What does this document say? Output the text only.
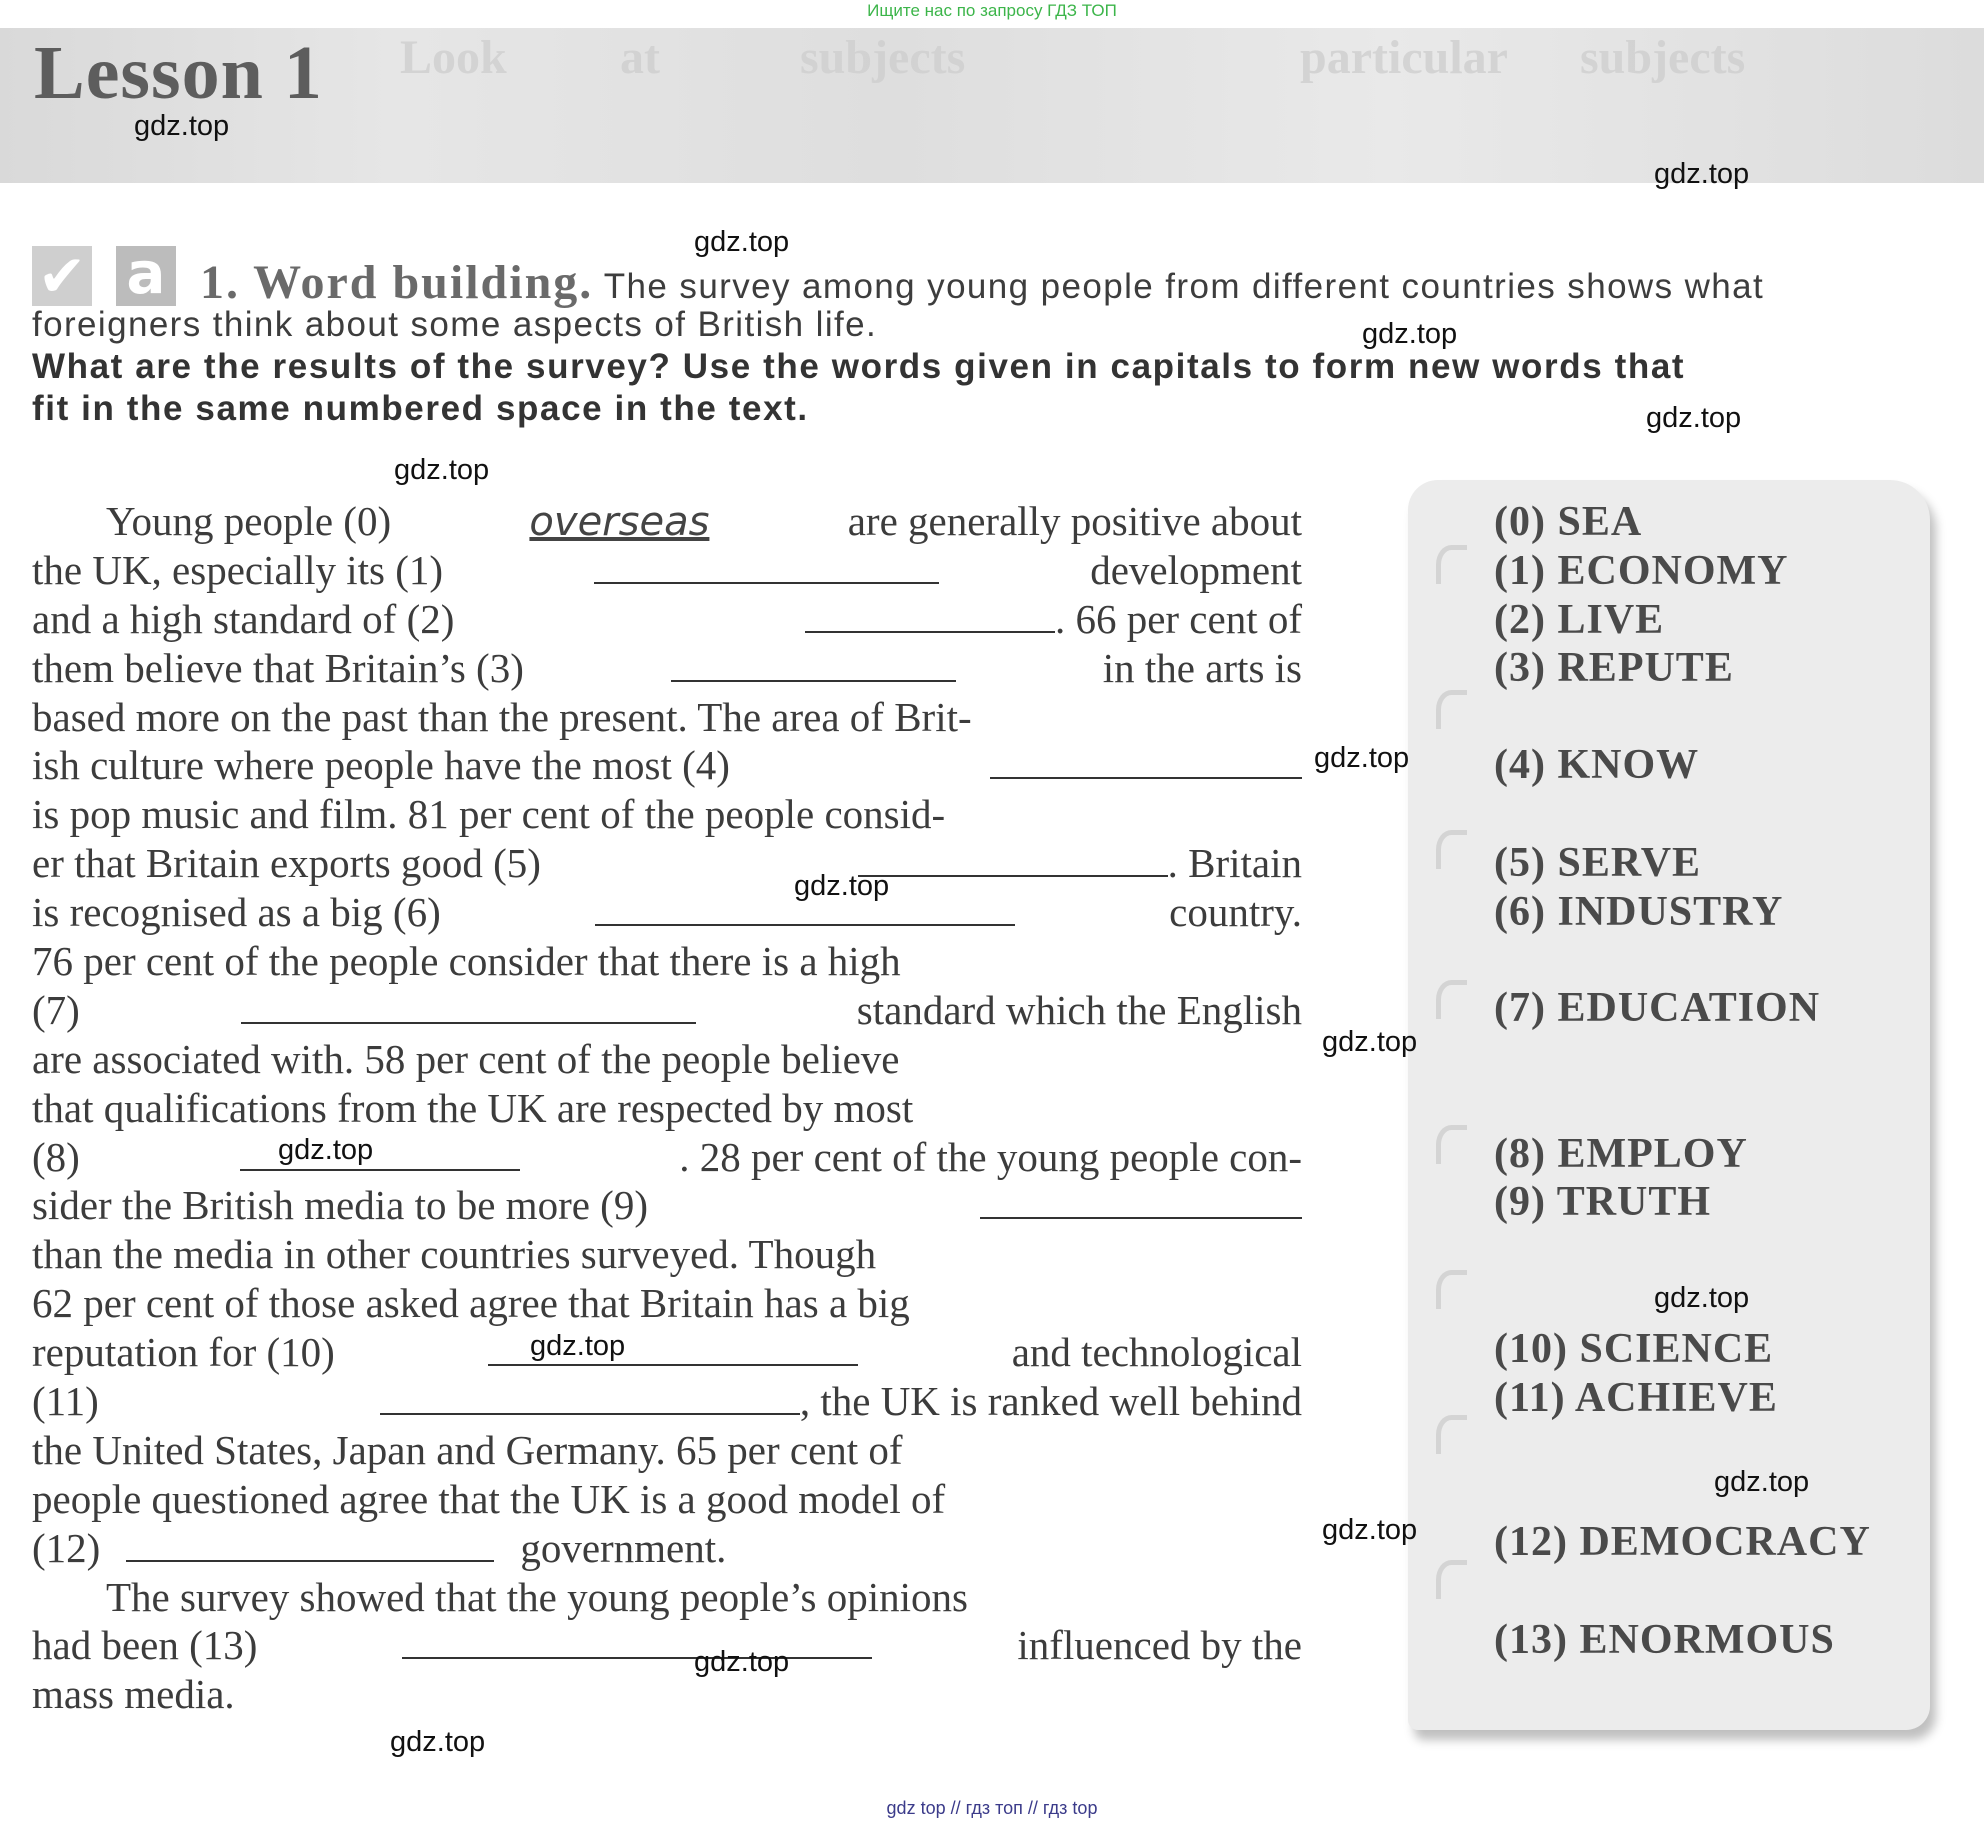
Ищите нас по запросу ГДЗ ТОП
Look at	subjects	particular subjects
Lesson 1
✔ a 1. Word building. The survey among young people from different countries shows what
foreigners think about some aspects of British life.
What are the results of the survey? Use the words given in capitals to form new words that
fit in the same numbered space in the text.
Young people (0)	overseas	are generally positive about
the UK, especially its (1)	development
and a high standard of (2)	. 66 per cent of
them believe that Britain’s (3)	in the arts is
based more on the past than the present. The area of Brit-
ish culture where people have the most (4)
is pop music and film. 81 per cent of the people consid-
er that Britain exports good (5)	. Britain
is recognised as a big (6)	country.
76 per cent of the people consider that there is a high
(7)	standard which the English
are associated with. 58 per cent of the people believe
that qualifications from the UK are respected by most
(8)	. 28 per cent of the young people con-
sider the British media to be more (9)
than the media in other countries surveyed. Though
62 per cent of those asked agree that Britain has a big
reputation for (10)	and technological
(11)	, the UK is ranked well behind
the United States, Japan and Germany. 65 per cent of
people questioned agree that the UK is a good model of
(12)	government.
The survey showed that the young people’s opinions
had been (13)	influenced by the
mass media.
(0) SEA
(1) ECONOMY
(2) LIVE
(3) REPUTE
(4) KNOW
(5) SERVE
(6) INDUSTRY
(7) EDUCATION
(8) EMPLOY
(9) TRUTH
(10) SCIENCE
(11) ACHIEVE
(12) DEMOCRACY
(13) ENORMOUS
gdz.top
gdz.top
gdz.top
gdz.top
gdz.top
gdz.top
gdz.top
gdz.top
gdz.top
gdz.top
gdz.top
gdz.top
gdz.top
gdz.top
gdz.top
gdz.top
gdz top // гдз топ // гдз top
